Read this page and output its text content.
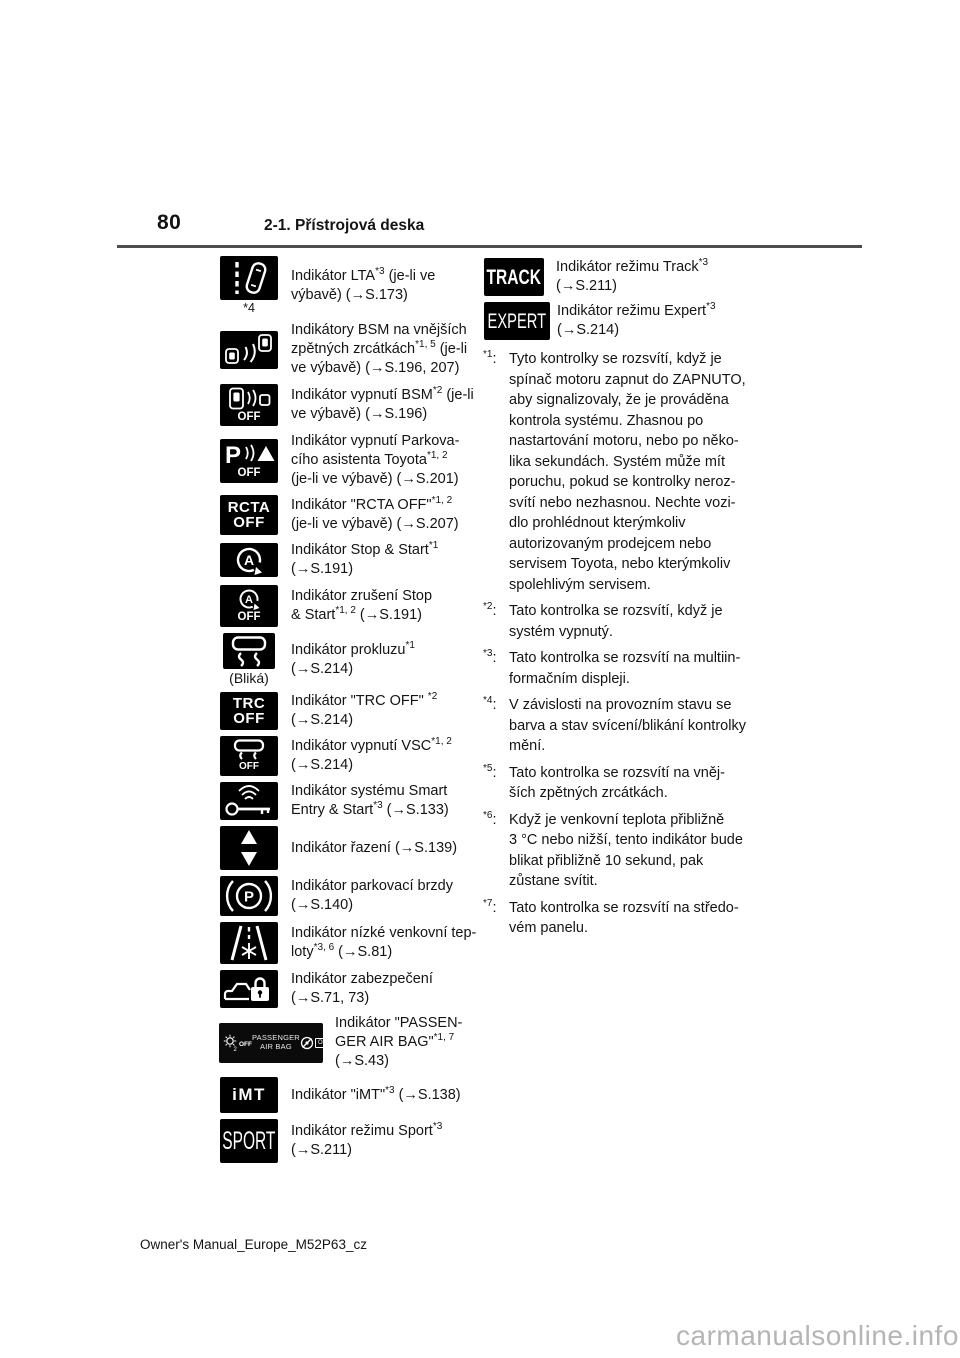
80	2-1. Přístrojová deska
*4
Indikátor LTA$^{*3}$ (je-li ve
výbavě) (→S.173)
Indikátory BSM na vnějších
zpětných zrcátkách$^{*1, 5}$ (je-li
ve výbavě) (→S.196, 207)
OFF
Indikátor vypnutí BSM$^{*2}$ (je-li
ve výbavě) (→S.196)
P
OFF
Indikátor vypnutí Parkova-
cího asistenta Toyota$^{*1, 2}$
(je-li ve výbavě) (→S.201)
RCTA
OFF
Indikátor "RCTA OFF"$^{*1, 2}$
(je-li ve výbavě) (→S.207)
A
Indikátor Stop & Start$^{*1}$
(→S.191)
A
OFF
Indikátor zrušení Stop
& Start$^{*1, 2}$ (→S.191)
(Bliká)
Indikátor prokluzu$^{*1}$
(→S.214)
TRC
OFF
Indikátor "TRC OFF" $^{*2}$
(→S.214)
OFF
Indikátor vypnutí VSC$^{*1, 2}$
(→S.214)
Indikátor systému Smart
Entry & Start$^{*3}$ (→S.133)
Indikátor řazení (→S.139)
P
Indikátor parkovací brzdy
(→S.140)
Indikátor nízké venkovní tep-
loty$^{*3, 6}$ (→S.81)
Indikátor zabezpečení
(→S.71, 73)
2
OFF
PASSENGER
AIR BAG	ON
Indikátor "PASSEN-
GER AIR BAG"$^{*1, 7}$
(→S.43)
iMT Indikátor "iMT"$^{*3}$ (→S.138)
SPORT Indikátor režimu Sport$^{*3}$
(→S.211)
TRACK Indikátor režimu Track$^{*3}$
(→S.211)
EXPERT Indikátor režimu Expert$^{*3}$
(→S.214)
$^{*1}$: Tyto kontrolky se rozsvítí, když je
spínač motoru zapnut do ZAPNUTO,
aby signalizovaly, že je prováděna
kontrola systému. Zhasnou po
nastartování motoru, nebo po něko-
lika sekundách. Systém může mít
poruchu, pokud se kontrolky neroz-
svítí nebo nezhasnou. Nechte vozi-
dlo prohlédnout kterýmkoliv
autorizovaným prodejcem nebo
servisem Toyota, nebo kterýmkoliv
spolehlivým servisem.
$^{*2}$: Tato kontrolka se rozsvítí, když je
systém vypnutý.
$^{*3}$: Tato kontrolka se rozsvítí na multiin-
formačním displeji.
$^{*4}$: V závislosti na provozním stavu se
barva a stav svícení/blikání kontrolky
mění.
$^{*5}$: Tato kontrolka se rozsvítí na vněj-
ších zpětných zrcátkách.
$^{*6}$: Když je venkovní teplota přibližně
3 °C nebo nižší, tento indikátor bude
blikat přibližně 10 sekund, pak
zůstane svítit.
$^{*7}$: Tato kontrolka se rozsvítí na středo-
vém panelu.
Owner's Manual_Europe_M52P63_cz
carmanualsonline.info
